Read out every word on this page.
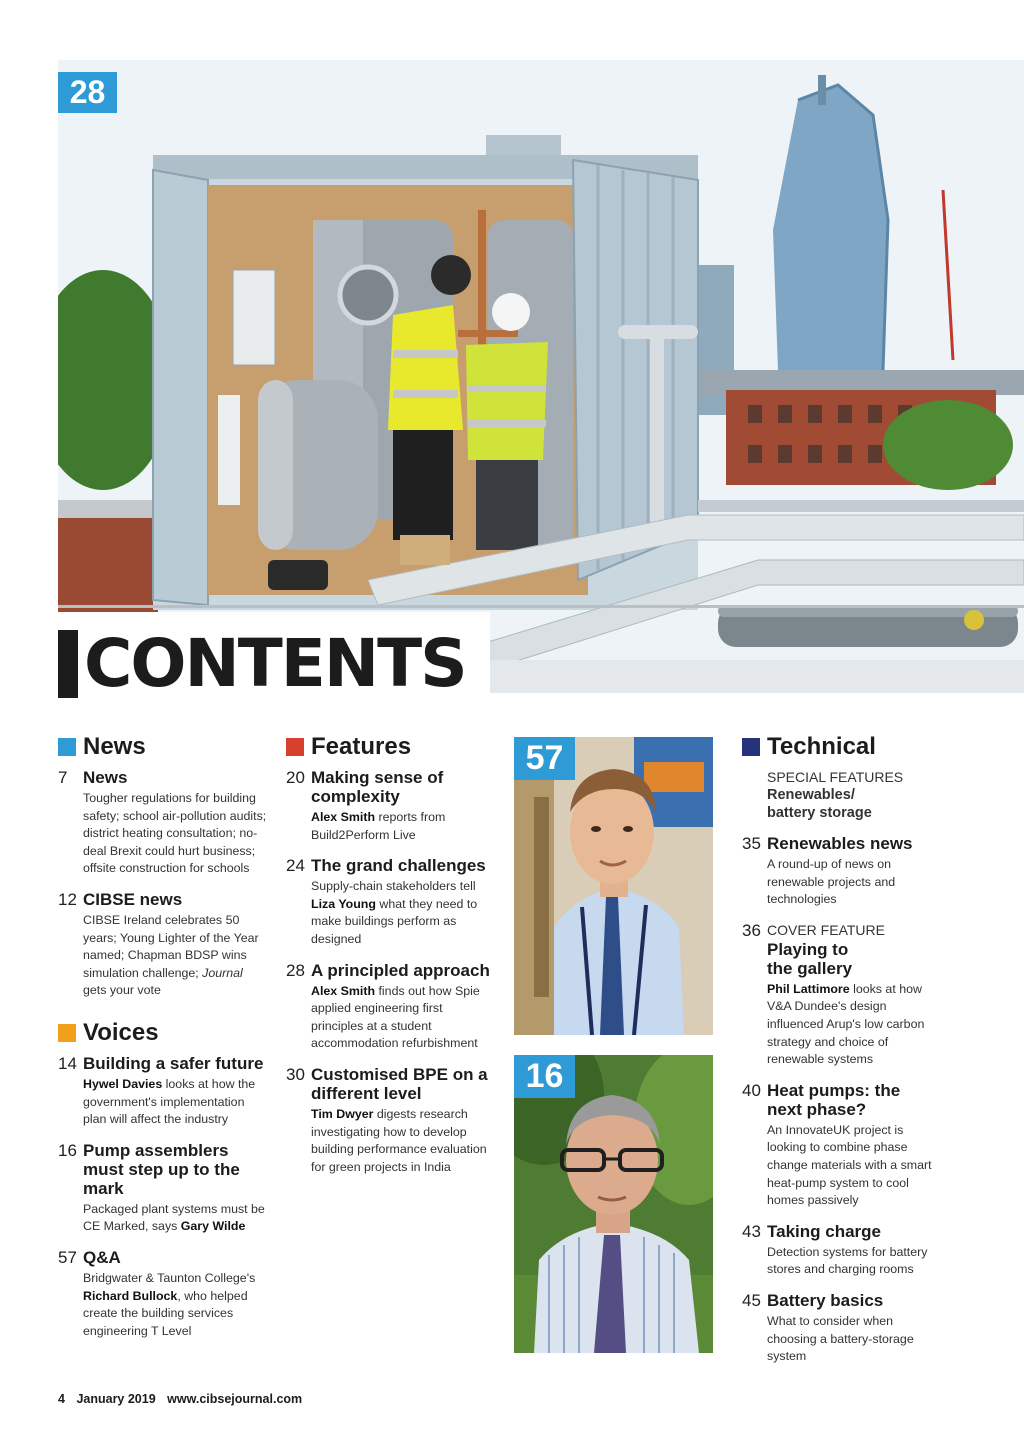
28
CONTENTS
News
7 News
Tougher regulations for building safety; school air-pollution audits; district heating consultation; no-deal Brexit could hurt business; offsite construction for schools
12 CIBSE news
CIBSE Ireland celebrates 50 years; Young Lighter of the Year named; Chapman BDSP wins simulation challenge; Journal gets your vote
Voices
14 Building a safer future
Hywel Davies looks at how the government's implementation plan will affect the industry
16 Pump assemblers must step up to the mark
Packaged plant systems must be CE Marked, says Gary Wilde
57 Q&A
Bridgwater & Taunton College's Richard Bullock, who helped create the building services engineering T Level
Features
20 Making sense of complexity
Alex Smith reports from Build2Perform Live
24 The grand challenges
Supply-chain stakeholders tell Liza Young what they need to make buildings perform as designed
28 A principled approach
Alex Smith finds out how Spie applied engineering first principles at a student accommodation refurbishment
30 Customised BPE on a different level
Tim Dwyer digests research investigating how to develop building performance evaluation for green projects in India
57
16
Technical
SPECIAL FEATURES
Renewables/ battery storage
35 Renewables news
A round-up of news on renewable projects and technologies
36 COVER FEATURE
Playing to the gallery
Phil Lattimore looks at how V&A Dundee's design influenced Arup's low carbon strategy and choice of renewable systems
40 Heat pumps: the next phase?
An InnovateUK project is looking to combine phase change materials with a smart heat-pump system to cool homes passively
43 Taking charge
Detection systems for battery stores and charging rooms
45 Battery basics
What to consider when choosing a battery-storage system
4 January 2019 www.cibsejournal.com
